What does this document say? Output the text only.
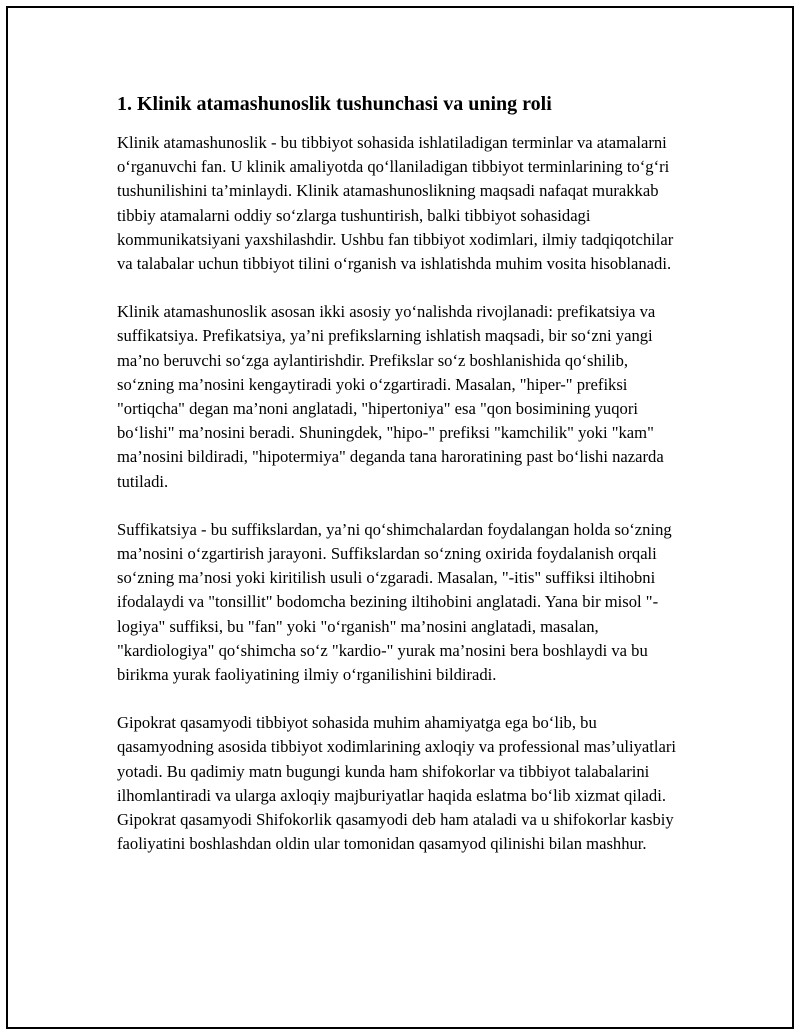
1. Klinik atamashunoslik tushunchasi va uning roli

Klinik atamashunoslik - bu tibbiyot sohasida ishlatiladigan terminlar va atamalarni o‘rganuvchi fan. U klinik amaliyotda qo‘llaniladigan tibbiyot terminlarining to‘g‘ri tushunilishini ta’minlaydi. Klinik atamashunoslikning maqsadi nafaqat murakkab tibbiy atamalarni oddiy so‘zlarga tushuntirish, balki tibbiyot sohasidagi kommunikatsiyani yaxshilashdir. Ushbu fan tibbiyot xodimlari, ilmiy tadqiqotchilar va talabalar uchun tibbiyot tilini o‘rganish va ishlatishda muhim vosita hisoblanadi.

Klinik atamashunoslik asosan ikki asosiy yo‘nalishda rivojlanadi: prefikatsiya va suffikatsiya. Prefikatsiya, ya’ni prefikslarning ishlatish maqsadi, bir so‘zni yangi ma’no beruvchi so‘zga aylantirishdir. Prefikslar so‘z boshlanishida qo‘shilib, so‘zning ma’nosini kengaytiradi yoki o‘zgartiradi. Masalan, "hiper-" prefiksi "ortiqcha" degan ma’noni anglatadi, "hipertoniya" esa "qon bosimining yuqori bo‘lishi" ma’nosini beradi. Shuningdek, "hipo-" prefiksi "kamchilik" yoki "kam" ma’nosini bildiradi, "hipotermiya" deganda tana haroratining past bo‘lishi nazarda tutiladi.

Suffikatsiya - bu suffikslardan, ya’ni qo‘shimchalardan foydalangan holda so‘zning ma’nosini o‘zgartirish jarayoni. Suffikslardan so‘zning oxirida foydalanish orqali so‘zning ma’nosi yoki kiritilish usuli o‘zgaradi. Masalan, "-itis" suffiksi iltihobni ifodalaydi va "tonsillit" bodomcha bezining iltihobini anglatadi. Yana bir misol "-logiya" suffiksi, bu "fan" yoki "o‘rganish" ma’nosini anglatadi, masalan, "kardiologiya" qo‘shimcha so‘z "kardio-" yurak ma’nosini bera boshlaydi va bu birikma yurak faoliyatining ilmiy o‘rganilishini bildiradi.

Gipokrat qasamyodi tibbiyot sohasida muhim ahamiyatga ega bo‘lib, bu qasamyodning asosida tibbiyot xodimlarining axloqiy va professional mas’uliyatlari yotadi. Bu qadimiy matn bugungi kunda ham shifokorlar va tibbiyot talabalarini ilhomlantiradi va ularga axloqiy majburiyatlar haqida eslatma bo‘lib xizmat qiladi. Gipokrat qasamyodi Shifokorlik qasamyodi deb ham ataladi va u shifokorlar kasbiy faoliyatini boshlashdan oldin ular tomonidan qasamyod qilinishi bilan mashhur.
